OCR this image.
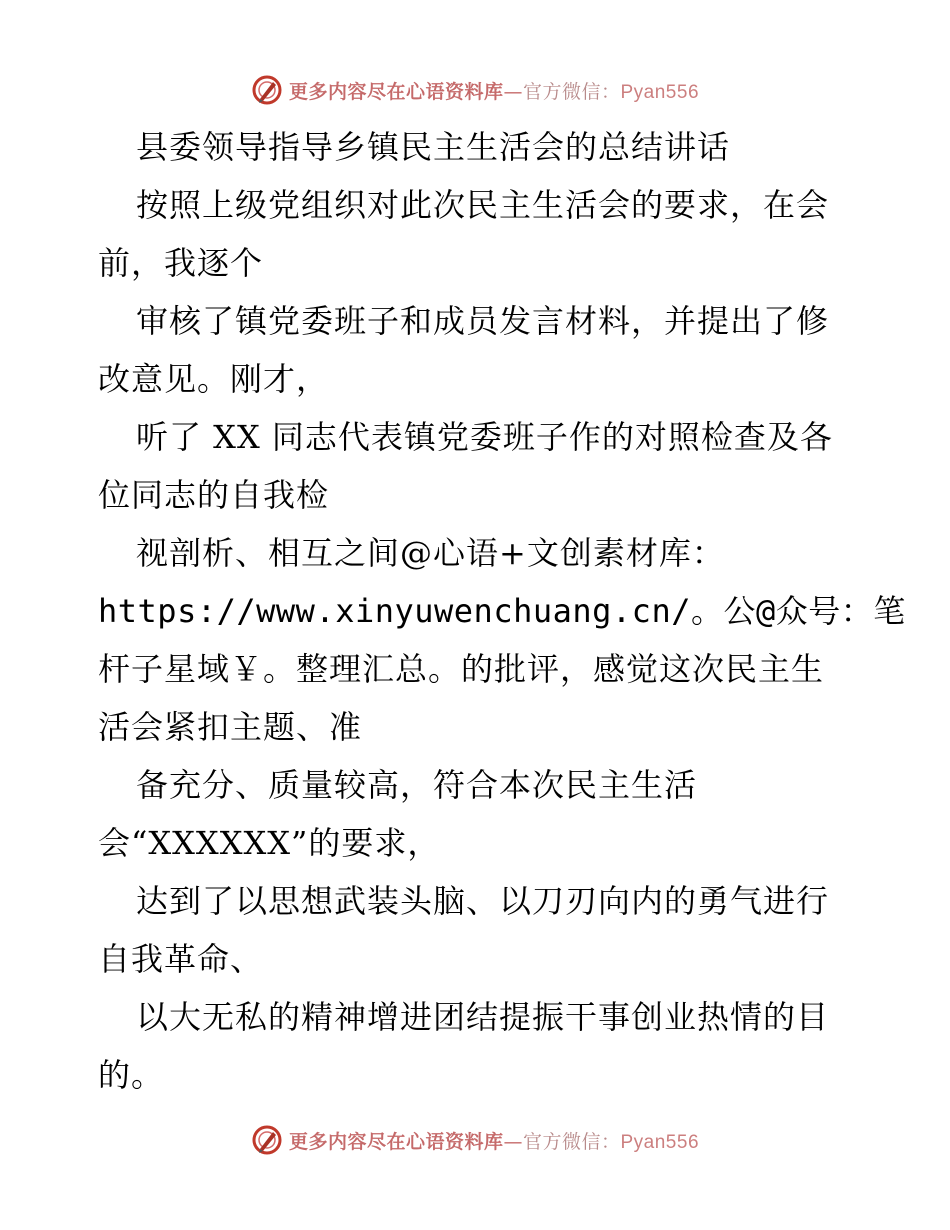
更多内容尽在心语资料库—官方微信：Pyan556
县委领导指导乡镇民主生活会的总结讲话
按照上级党组织对此次民主生活会的要求，在会
前，我逐个
审核了镇党委班子和成员发言材料，并提出了修
改意见。刚才，
听了 XX 同志代表镇党委班子作的对照检查及各
位同志的自我检
视剖析、相互之间@心语+文创素材库：
https://www.xinyuwenchuang.cn/。公@众号：笔
杆子星域￥。整理汇总。的批评，感觉这次民主生
活会紧扣主题、准
备充分、质量较高，符合本次民主生活
会“XXXXXX”的要求，
达到了以思想武装头脑、以刀刃向内的勇气进行
自我革命、
以大无私的精神增进团结提振干事创业热情的目
的。
更多内容尽在心语资料库—官方微信：Pyan556
